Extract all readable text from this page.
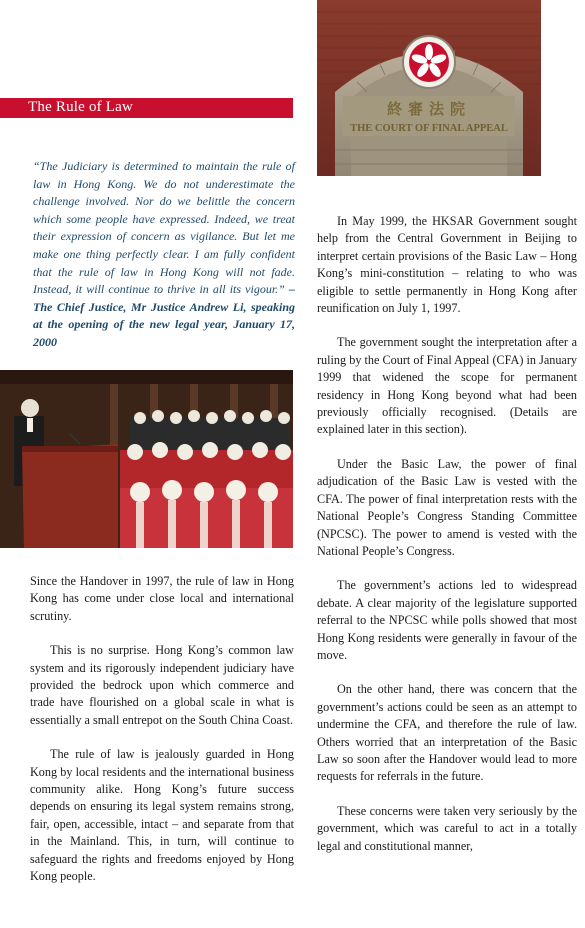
The Rule of Law	終審法院
THE COURT OF FINAL APPEAL
“The Judiciary is determined to maintain the rule of law in Hong Kong. We do not underestimate the challenge involved. Nor do we belittle the concern which some people have expressed. Indeed, we treat their expression of concern as vigilance. But let me make one thing perfectly clear. I am fully confident that the rule of law in Hong Kong will not fade. Instead, it will continue to thrive in all its vigour.” – The Chief Justice, Mr Justice Andrew Li, speaking at the opening of the new legal year, January 17, 2000

Since the Handover in 1997, the rule of law in Hong Kong has come under close local and international scrutiny.

This is no surprise. Hong Kong’s common law system and its rigorously independent judiciary have provided the bedrock upon which commerce and trade have flourished on a global scale in what is essentially a small entrepot on the South China Coast.

The rule of law is jealously guarded in Hong Kong by local residents and the international business community alike. Hong Kong’s future success depends on ensuring its legal system remains strong, fair, open, accessible, intact – and separate from that in the Mainland. This, in turn, will continue to safeguard the rights and freedoms enjoyed by Hong Kong people.

In May 1999, the HKSAR Government sought help from the Central Government in Beijing to interpret certain provisions of the Basic Law – Hong Kong’s mini-constitution – relating to who was eligible to settle permanently in Hong Kong after reunification on July 1, 1997.

The government sought the interpretation after a ruling by the Court of Final Appeal (CFA) in January 1999 that widened the scope for permanent residency in Hong Kong beyond what had been previously officially recognised. (Details are explained later in this section).

Under the Basic Law, the power of final adjudication of the Basic Law is vested with the CFA. The power of final interpretation rests with the National People’s Congress Standing Committee (NPCSC). The power to amend is vested with the National People’s Congress.

The government’s actions led to widespread debate. A clear majority of the legislature supported referral to the NPCSC while polls showed that most Hong Kong residents were generally in favour of the move.

On the other hand, there was concern that the government’s actions could be seen as an attempt to undermine the CFA, and therefore the rule of law. Others worried that an interpretation of the Basic Law so soon after the Handover would lead to more requests for referrals in the future.

These concerns were taken very seriously by the government, which was careful to act in a totally legal and constitutional manner,
